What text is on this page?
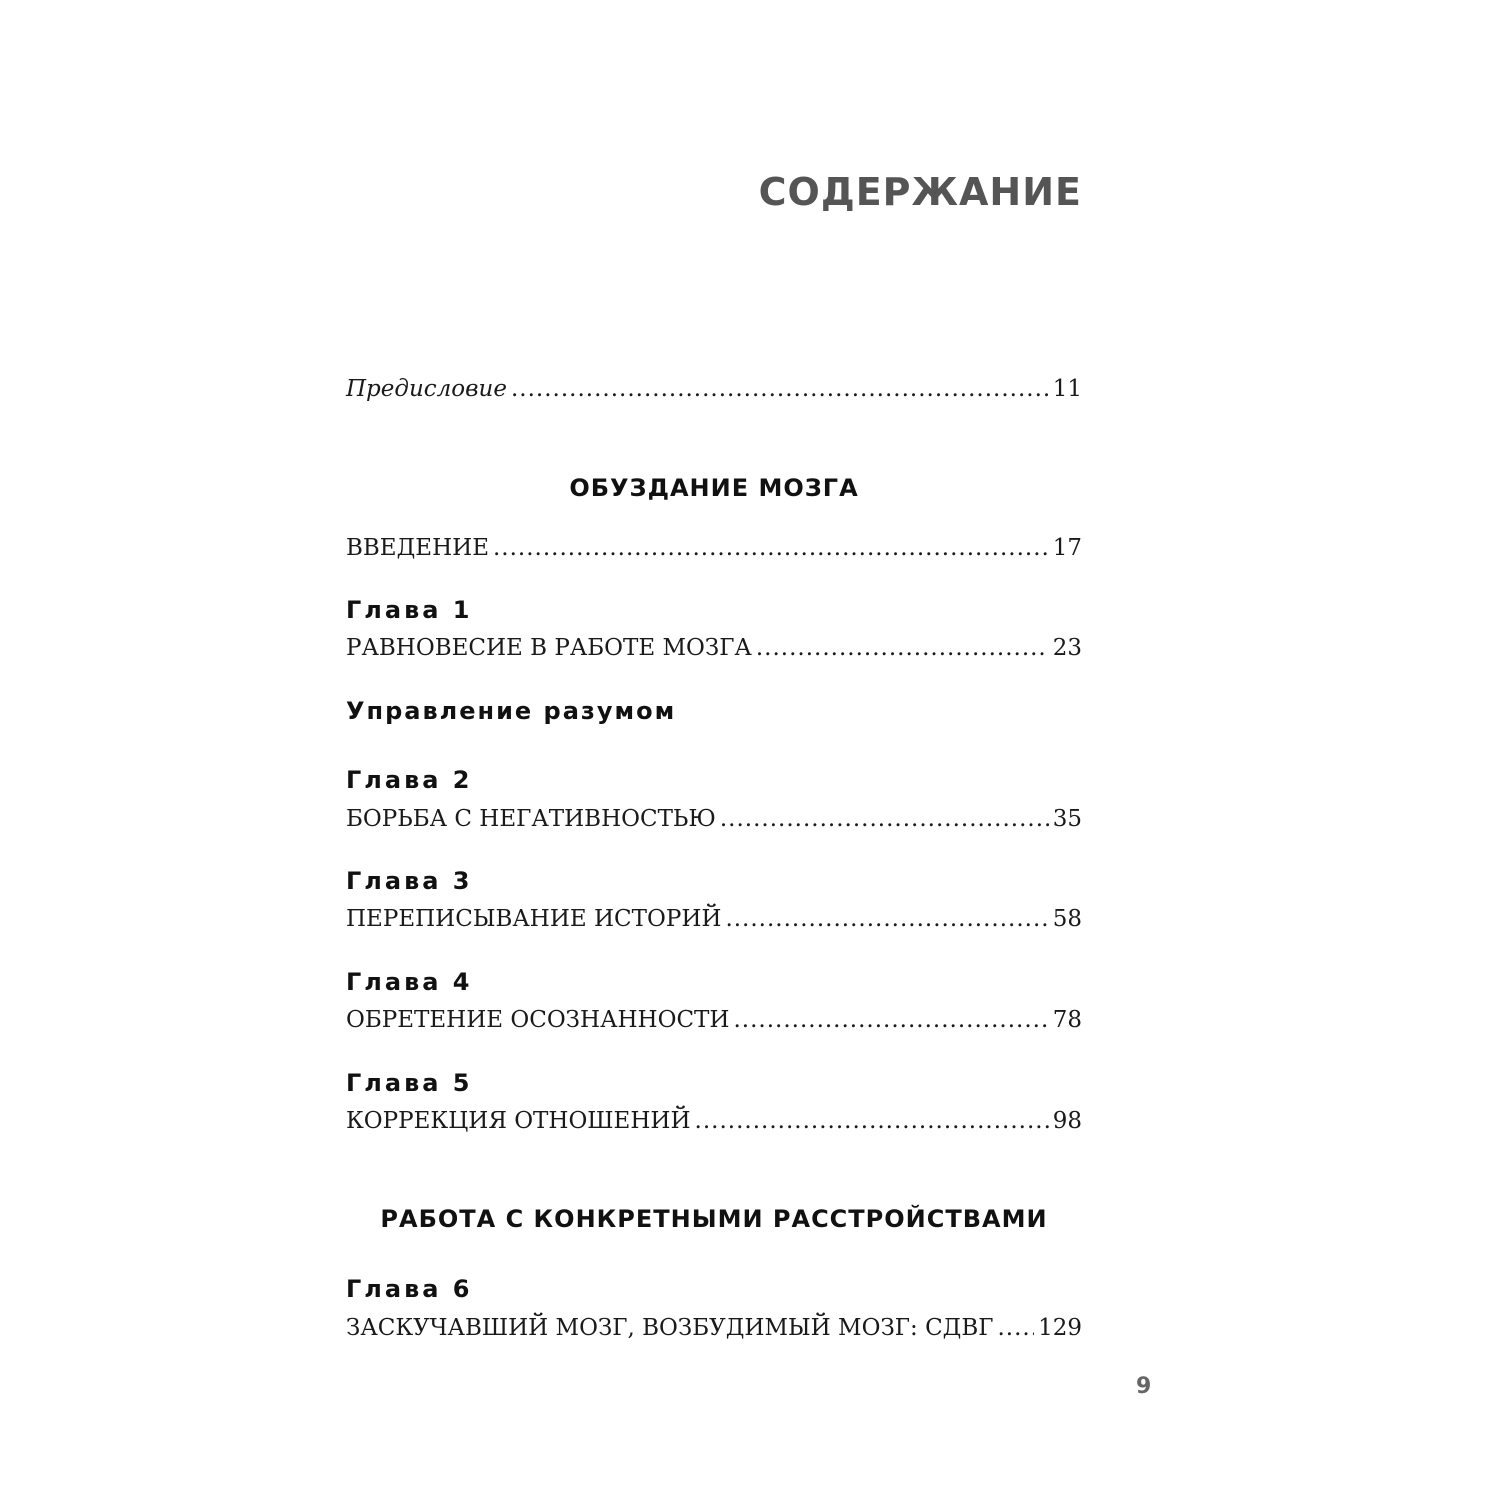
СОДЕРЖАНИЕ
Предисловие .....	11
ОБУЗДАНИЕ МОЗГА
ВВЕДЕНИЕ .....	17
Глава 1
РАВНОВЕСИЕ В РАБОТЕ МОЗГА .....	23
Управление разумом
Глава 2
БОРЬБА С НЕГАТИВНОСТЬЮ .....	35
Глава 3
ПЕРЕПИСЫВАНИЕ ИСТОРИЙ .....	58
Глава 4
ОБРЕТЕНИЕ ОСОЗНАННОСТИ .....	78
Глава 5
КОРРЕКЦИЯ ОТНОШЕНИЙ .....	98
РАБОТА С КОНКРЕТНЫМИ РАССТРОЙСТВАМИ
Глава 6
ЗАСКУЧАВШИЙ МОЗГ, ВОЗБУДИМЫЙ МОЗГ: СДВГ ..... 129
9
